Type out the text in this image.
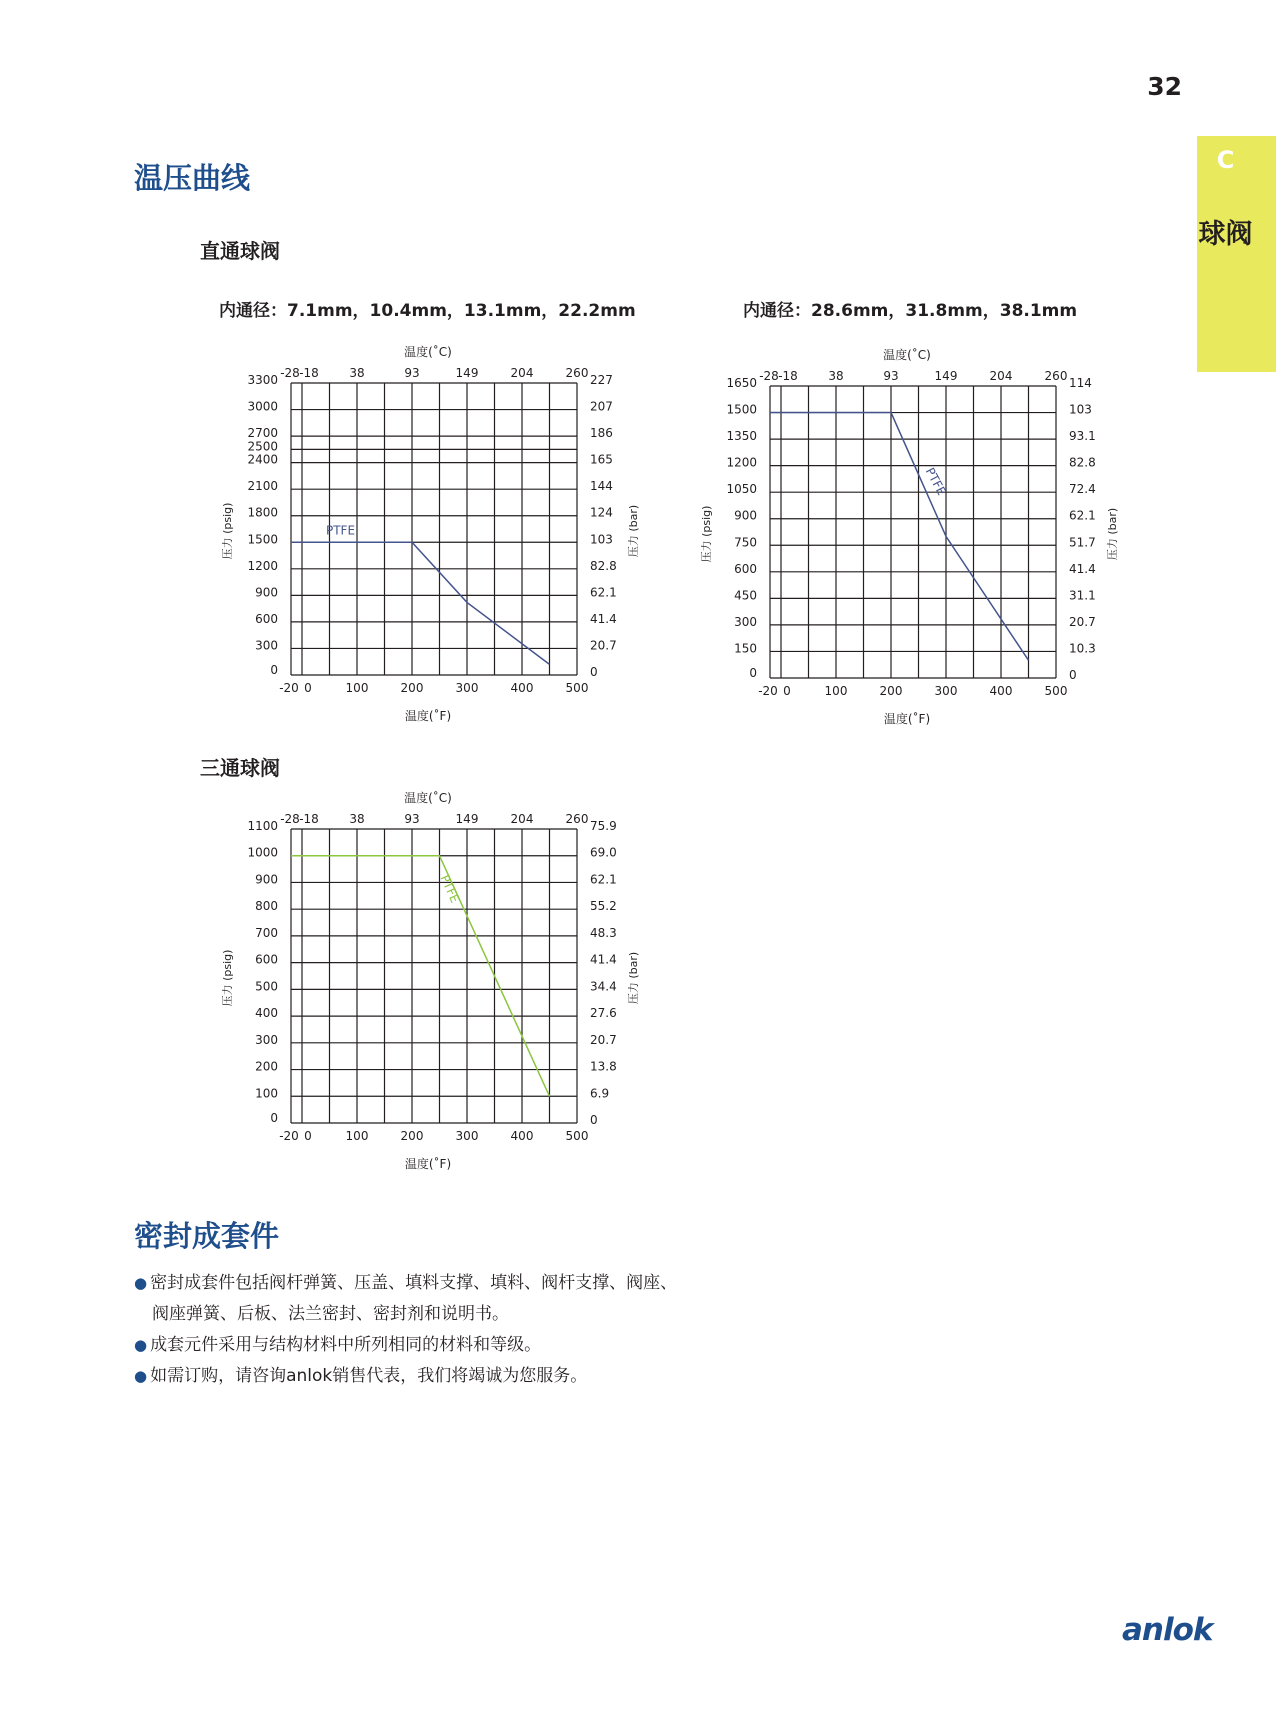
32
C
球阀
温压曲线
直通球阀
内通径：7.1mm，10.4mm，13.1mm，22.2mm	内通径：28.6mm，31.8mm，38.1mm
-20 0	100	200	300	400	500
-28 -18	38	93	149	204	260
0
300
600
900
1200
1500
1800
2100
2400
2500
2700
3000
3300
0
20.7
41.4
62.1
82.8
103
124
144
165
186
207
227
温度(˚C)
温度(˚F)
压力 (psig)	压力 (bar)
PTFE
-20 0	100	200	300	400	500
-28 -18	38	93	149	204	260
0
150
300
450
600
750
900
1050
1200
1350
1500
1650
0
10.3
20.7
31.1
41.4
51.7
62.1
72.4
82.8
93.1
103
114
温度(˚C)
温度(˚F)
压力 (psig)	压力 (bar)
PTFE
三通球阀
-20 0	100	200	300	400	500
-28 -18	38	93	149	204	260
0
100
200
300
400
500
600
700
800
900
1000
1100
0
6.9
13.8
20.7
27.6
34.4
41.4
48.3
55.2
62.1
69.0
75.9
温度(˚C)
温度(˚F)
压力 (psig)	压力 (bar)
PTFE
密封成套件
● 密封成套件包括阀杆弹簧、压盖、填料支撑、填料、阀杆支撑、阀座、阀座弹簧、后板、法兰密封、密封剂和说明书。
● 成套元件采用与结构材料中所列相同的材料和等级。
● 如需订购，请咨询anlok销售代表，我们将竭诚为您服务。
anlok
